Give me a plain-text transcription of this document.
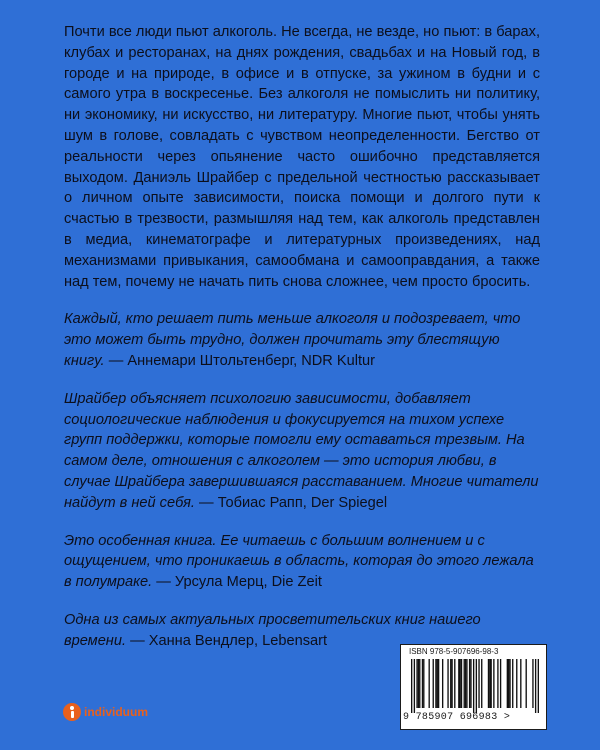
Почти все люди пьют алкоголь. Не всегда, не везде, но пьют: в барах, клубах и ресторанах, на днях рождения, свадьбах и на Новый год, в городе и на природе, в офисе и в отпуске, за ужином в будни и с самого утра в воскресенье. Без алкоголя не помыслить ни политику, ни экономику, ни искусство, ни литературу. Многие пьют, чтобы унять шум в голове, совладать с чувством неопределенности. Бегство от реальности через опьянение часто ошибочно представляется выходом. Даниэль Шрайбер с предельной честностью рассказывает о личном опыте зависимости, поиска помощи и долгого пути к счастью в трезвости, размышляя над тем, как алкоголь представлен в медиа, кинематографе и литературных произведениях, над механизмами привыкания, самообмана и самооправдания, а также над тем, почему не начать пить снова сложнее, чем просто бросить.

Каждый, кто решает пить меньше алкоголя и подозревает, что это может быть трудно, должен прочитать эту блестящую книгу. — Аннемари Штольтенберг, NDR Kultur

Шрайбер объясняет психологию зависимости, добавляет социологические наблюдения и фокусируется на тихом успехе групп поддержки, которые помогли ему оставаться трезвым. На самом деле, отношения с алкоголем — это история любви, в случае Шрайбера завершившаяся расставанием. Многие читатели найдут в ней себя. — Тобиас Рапп, Der Spiegel

Это особенная книга. Ее читаешь с большим волнением и с ощущением, что проникаешь в область, которая до этого лежала в полумраке. — Урсула Мерц, Die Zeit

Одна из самых актуальных просветительских книг нашего времени. — Ханна Вендлер, Lebensart

individuum
ISBN 978-5-907696-98-3
9 785907 696983 >
